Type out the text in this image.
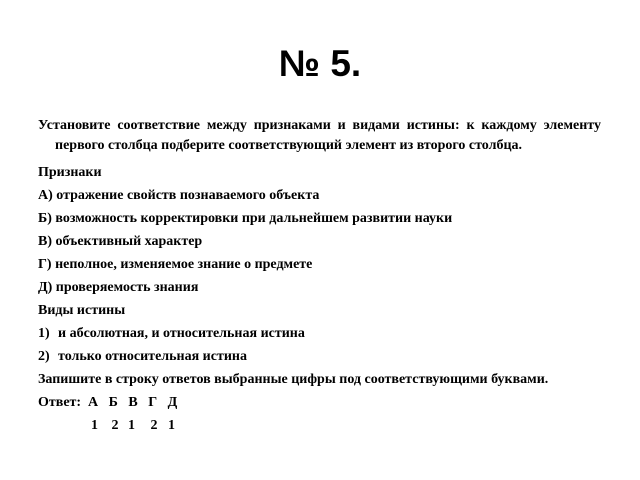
№ 5.

Установите соответствие между признаками и видами истины: к каждому элементу первого столбца подберите соответствующий элемент из второго столбца.

Признаки
А) отражение свойств познаваемого объекта
Б) возможность корректировки при дальнейшем развитии науки
В) объективный характер
Г) неполное, изменяемое знание о предмете
Д) проверяемость знания
Виды истины
1) и абсолютная, и относительная истина
2) только относительная истина
Запишите в строку ответов выбранные цифры под соответствующими буквами.
Ответ: А Б В Г Д
1 2 1 2 1
